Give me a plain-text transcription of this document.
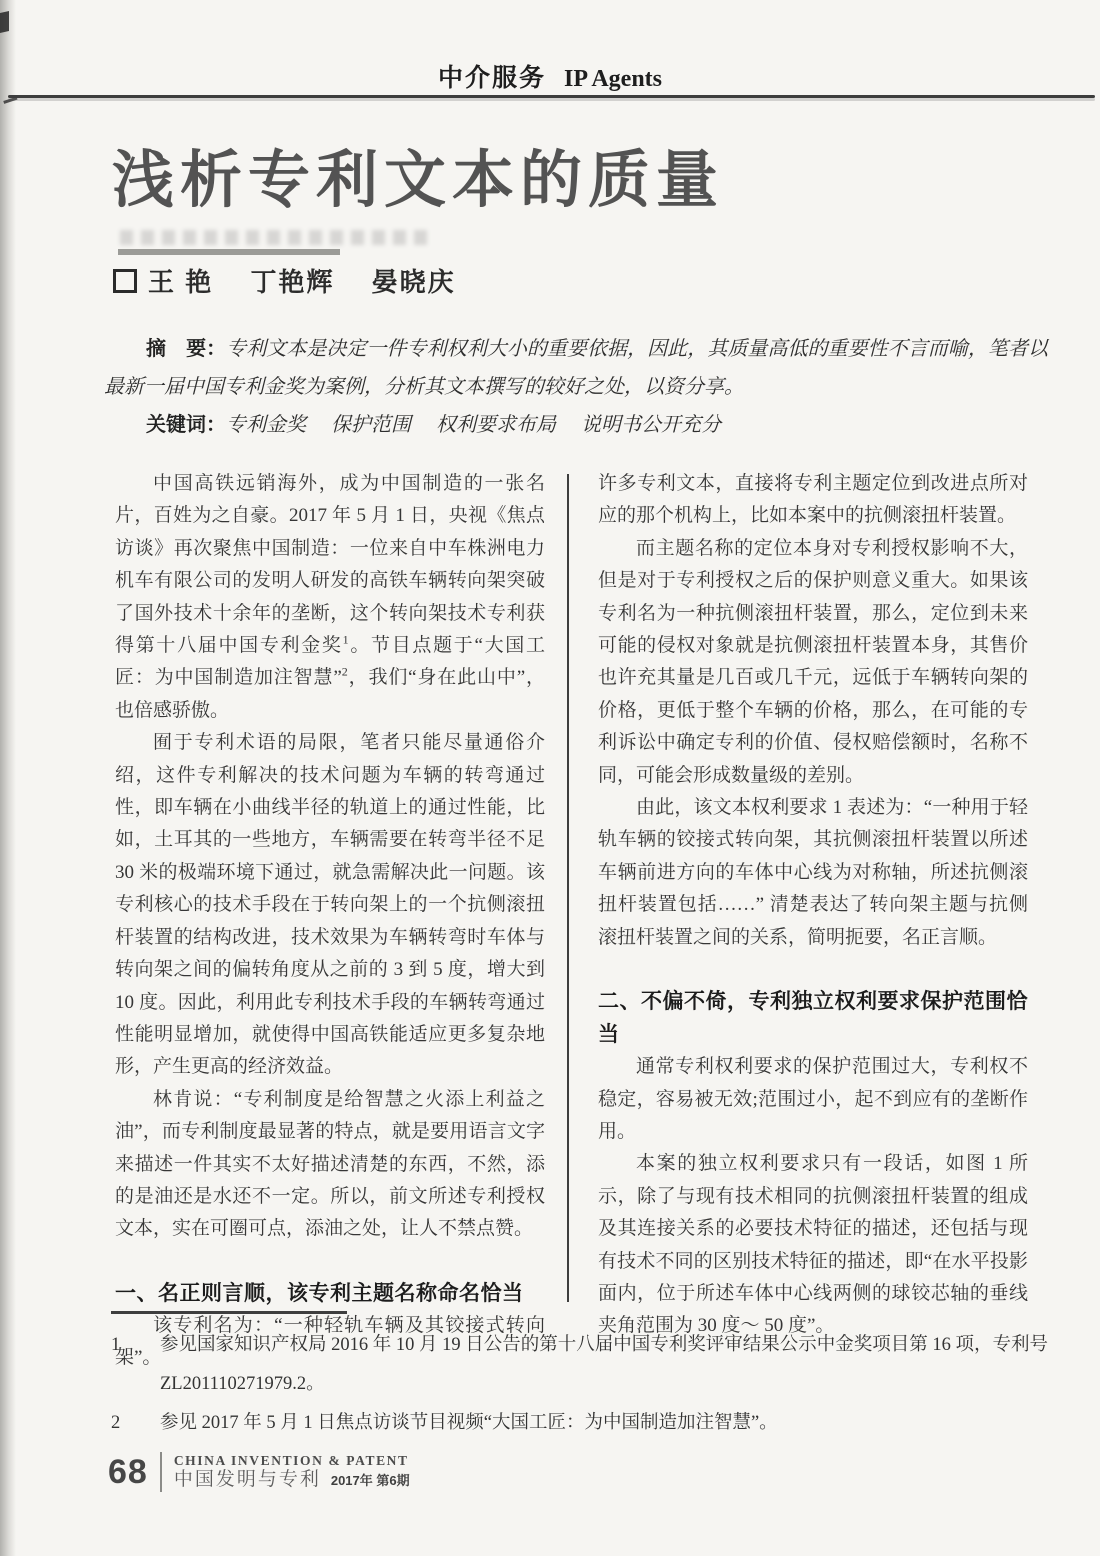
中介服务 IP Agents
浅析专利文本的质量
王 艳　 丁艳辉　 晏晓庆

摘　要：专利文本是决定一件专利权利大小的重要依据，因此，其质量高低的重要性不言而喻，笔者以最新一届中国专利金奖为案例，分析其文本撰写的较好之处，以资分享。

关键词：专利金奖　 保护范围　 权利要求布局　 说明书公开充分

中国高铁远销海外，成为中国制造的一张名片，百姓为之自豪。2017 年 5 月 1 日，央视《焦点访谈》再次聚焦中国制造：一位来自中车株洲电力机车有限公司的发明人研发的高铁车辆转向架突破了国外技术十余年的垄断，这个转向架技术专利获得第十八届中国专利金奖$^1$。节目点题于“大国工匠：为中国制造加注智慧”$^2$，我们“身在此山中”，也倍感骄傲。

囿于专利术语的局限，笔者只能尽量通俗介绍，这件专利解决的技术问题为车辆的转弯通过性，即车辆在小曲线半径的轨道上的通过性能，比如，土耳其的一些地方，车辆需要在转弯半径不足 30 米的极端环境下通过，就急需解决此一问题。该专利核心的技术手段在于转向架上的一个抗侧滚扭杆装置的结构改进，技术效果为车辆转弯时车体与转向架之间的偏转角度从之前的 3 到 5 度，增大到 10 度。因此，利用此专利技术手段的车辆转弯通过性能明显增加，就使得中国高铁能适应更多复杂地形，产生更高的经济效益。

林肯说：“专利制度是给智慧之火添上利益之油”，而专利制度最显著的特点，就是要用语言文字来描述一件其实不太好描述清楚的东西，不然，添的是油还是水还不一定。所以，前文所述专利授权文本，实在可圈可点，添油之处，让人不禁点赞。

一、名正则言顺，该专利主题名称命名恰当

该专利名为：“一种轻轨车辆及其铰接式转向架”。

许多专利文本，直接将专利主题定位到改进点所对应的那个机构上，比如本案中的抗侧滚扭杆装置。

而主题名称的定位本身对专利授权影响不大，但是对于专利授权之后的保护则意义重大。如果该专利名为一种抗侧滚扭杆装置，那么，定位到未来可能的侵权对象就是抗侧滚扭杆装置本身，其售价也许充其量是几百或几千元，远低于车辆转向架的价格，更低于整个车辆的价格，那么，在可能的专利诉讼中确定专利的价值、侵权赔偿额时，名称不同，可能会形成数量级的差别。

由此，该文本权利要求 1 表述为：“一种用于轻轨车辆的铰接式转向架，其抗侧滚扭杆装置以所述车辆前进方向的车体中心线为对称轴，所述抗侧滚扭杆装置包括……” 清楚表达了转向架主题与抗侧滚扭杆装置之间的关系，简明扼要，名正言顺。

二、不偏不倚，专利独立权利要求保护范围恰当

通常专利权利要求的保护范围过大，专利权不稳定，容易被无效;范围过小，起不到应有的垄断作用。

本案的独立权利要求只有一段话，如图 1 所示，除了与现有技术相同的抗侧滚扭杆装置的组成及其连接关系的必要技术特征的描述，还包括与现有技术不同的区别技术特征的描述，即“在水平投影面内，位于所述车体中心线两侧的球铰芯轴的垂线夹角范围为 30 度～ 50 度”。

1	参见国家知识产权局 2016 年 10 月 19 日公告的第十八届中国专利奖评审结果公示中金奖项目第 16 项，专利号
ZL201110271979.2。
2	参见 2017 年 5 月 1 日焦点访谈节目视频“大国工匠：为中国制造加注智慧”。
68 CHINA INVENTION & PATENT
中国发明与专利 2017年 第6期
